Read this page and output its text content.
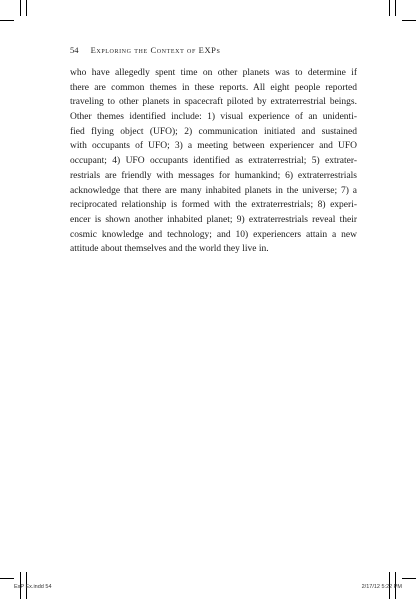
54 Exploring the Context of EXPs
who have allegedly spent time on other planets was to determine if
there are common themes in these reports. All eight people reported
traveling to other planets in spacecraft piloted by extraterrestrial beings.
Other themes identified include: 1) visual experience of an unidenti-
fied flying object (UFO); 2) communication initiated and sustained
with occupants of UFO; 3) a meeting between experiencer and UFO
occupant; 4) UFO occupants identified as extraterrestrial; 5) extrater-
restrials are friendly with messages for humankind; 6) extraterrestrials
acknowledge that there are many inhabited planets in the universe; 7) a
reciprocated relationship is formed with the extraterrestrials; 8) experi-
encer is shown another inhabited planet; 9) extraterrestrials reveal their
cosmic knowledge and technology; and 10) experiencers attain a new
attitude about themselves and the world they live in.
ExP Ex.indd 54	2/17/12 5:22 PM
